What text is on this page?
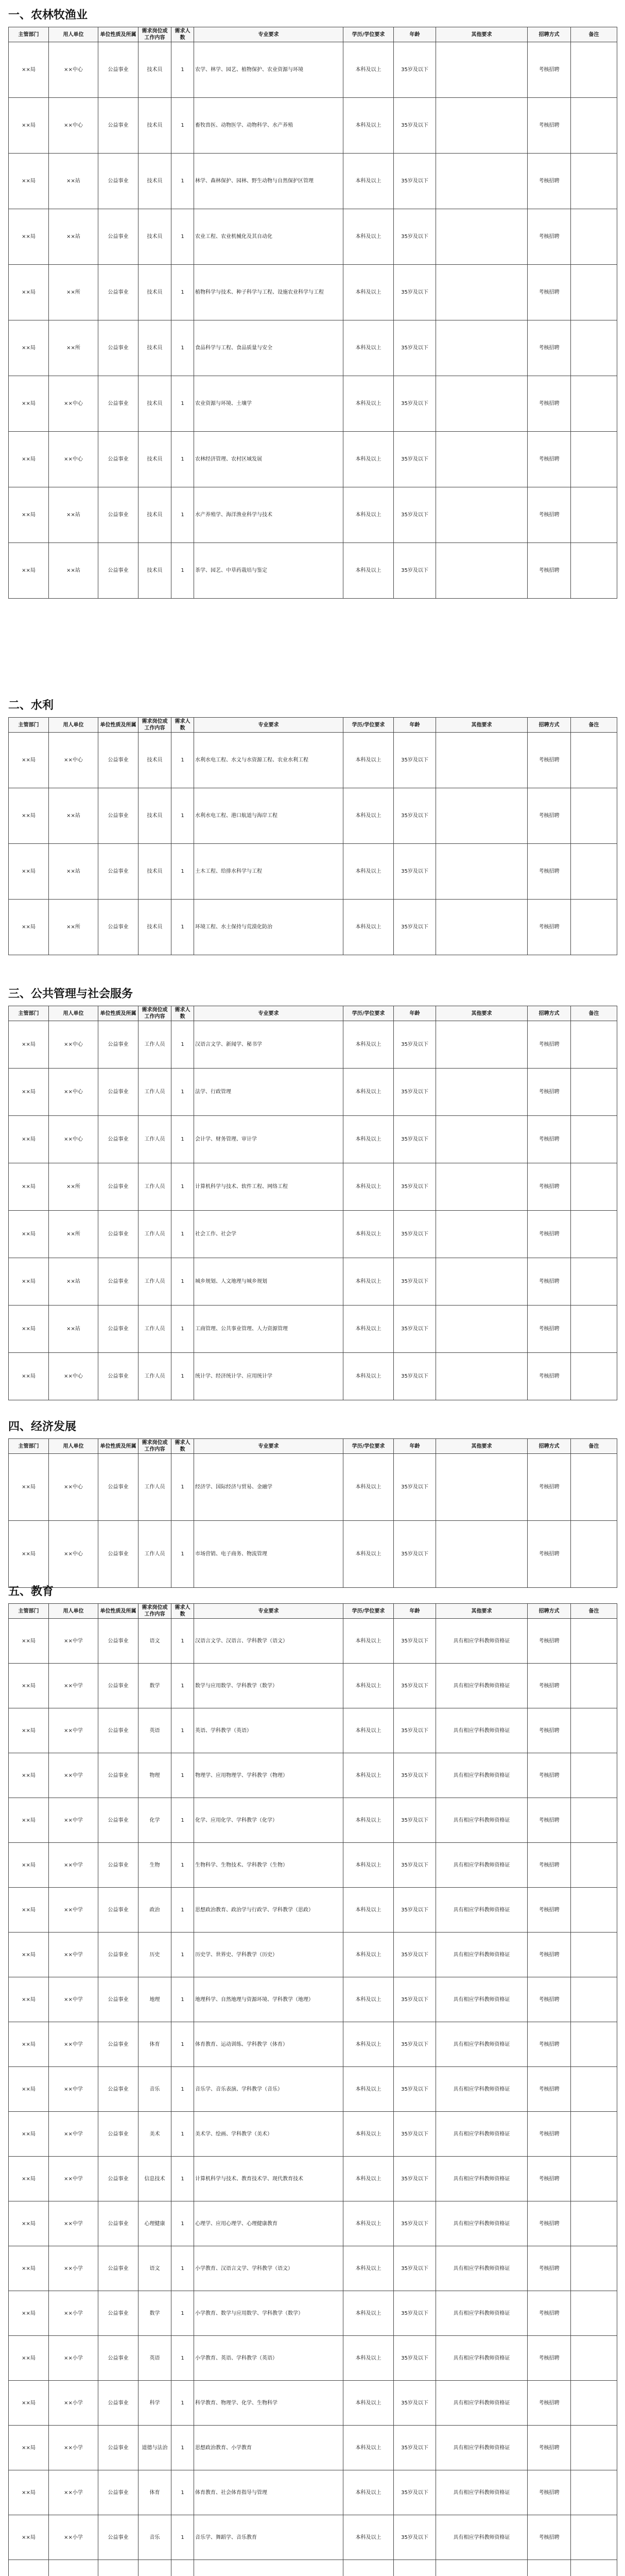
一、农林牧渔业
主管部门	用人单位	单位性质及所属	需求岗位或工作内容	需求人数	专业要求	学历/学位要求	年龄	其他要求	招聘方式	备注
××局	××中心	公益事业	技术员	1	农学、林学、园艺、植物保护、农业资源与环境	本科及以上	35岁及以下		考核招聘	
××局	××中心	公益事业	技术员	1	畜牧兽医、动物医学、动物科学、水产养殖	本科及以上	35岁及以下		考核招聘	
××局	××站	公益事业	技术员	1	林学、森林保护、园林、野生动物与自然保护区管理	本科及以上	35岁及以下		考核招聘	
××局	××站	公益事业	技术员	1	农业工程、农业机械化及其自动化	本科及以上	35岁及以下		考核招聘	
××局	××所	公益事业	技术员	1	植物科学与技术、种子科学与工程、设施农业科学与工程	本科及以上	35岁及以下		考核招聘	
××局	××所	公益事业	技术员	1	食品科学与工程、食品质量与安全	本科及以上	35岁及以下		考核招聘	
××局	××中心	公益事业	技术员	1	农业资源与环境、土壤学	本科及以上	35岁及以下		考核招聘	
××局	××中心	公益事业	技术员	1	农林经济管理、农村区域发展	本科及以上	35岁及以下		考核招聘	
××局	××站	公益事业	技术员	1	水产养殖学、海洋渔业科学与技术	本科及以上	35岁及以下		考核招聘	
××局	××站	公益事业	技术员	1	茶学、园艺、中草药栽培与鉴定	本科及以上	35岁及以下		考核招聘	
二、水利
主管部门	用人单位	单位性质及所属	需求岗位或工作内容	需求人数	专业要求	学历/学位要求	年龄	其他要求	招聘方式	备注
××局	××中心	公益事业	技术员	1	水利水电工程、水文与水资源工程、农业水利工程	本科及以上	35岁及以下		考核招聘	
××局	××站	公益事业	技术员	1	水利水电工程、港口航道与海岸工程	本科及以上	35岁及以下		考核招聘	
××局	××站	公益事业	技术员	1	土木工程、给排水科学与工程	本科及以上	35岁及以下		考核招聘	
××局	××所	公益事业	技术员	1	环境工程、水土保持与荒漠化防治	本科及以上	35岁及以下		考核招聘	
三、公共管理与社会服务
主管部门	用人单位	单位性质及所属	需求岗位或工作内容	需求人数	专业要求	学历/学位要求	年龄	其他要求	招聘方式	备注
××局	××中心	公益事业	工作人员	1	汉语言文学、新闻学、秘书学	本科及以上	35岁及以下		考核招聘	
××局	××中心	公益事业	工作人员	1	法学、行政管理	本科及以上	35岁及以下		考核招聘	
××局	××中心	公益事业	工作人员	1	会计学、财务管理、审计学	本科及以上	35岁及以下		考核招聘	
××局	××所	公益事业	工作人员	1	计算机科学与技术、软件工程、网络工程	本科及以上	35岁及以下		考核招聘	
××局	××所	公益事业	工作人员	1	社会工作、社会学	本科及以上	35岁及以下		考核招聘	
××局	××站	公益事业	工作人员	1	城乡规划、人文地理与城乡规划	本科及以上	35岁及以下		考核招聘	
××局	××站	公益事业	工作人员	1	工商管理、公共事业管理、人力资源管理	本科及以上	35岁及以下		考核招聘	
××局	××中心	公益事业	工作人员	1	统计学、经济统计学、应用统计学	本科及以上	35岁及以下		考核招聘	
四、经济发展
主管部门	用人单位	单位性质及所属	需求岗位或工作内容	需求人数	专业要求	学历/学位要求	年龄	其他要求	招聘方式	备注
××局	××中心	公益事业	工作人员	1	经济学、国际经济与贸易、金融学	本科及以上	35岁及以下		考核招聘	
××局	××中心	公益事业	工作人员	1	市场营销、电子商务、物流管理	本科及以上	35岁及以下		考核招聘	
五、教育
主管部门	用人单位	单位性质及所属	需求岗位或工作内容	需求人数	专业要求	学历/学位要求	年龄	其他要求	招聘方式	备注
××局	××中学	公益事业	语文	1	汉语言文学、汉语言、学科教学（语文）	本科及以上	35岁及以下	具有相应学科教师资格证	考核招聘	
××局	××中学	公益事业	数学	1	数学与应用数学、学科教学（数学）	本科及以上	35岁及以下	具有相应学科教师资格证	考核招聘	
××局	××中学	公益事业	英语	1	英语、学科教学（英语）	本科及以上	35岁及以下	具有相应学科教师资格证	考核招聘	
××局	××中学	公益事业	物理	1	物理学、应用物理学、学科教学（物理）	本科及以上	35岁及以下	具有相应学科教师资格证	考核招聘	
××局	××中学	公益事业	化学	1	化学、应用化学、学科教学（化学）	本科及以上	35岁及以下	具有相应学科教师资格证	考核招聘	
××局	××中学	公益事业	生物	1	生物科学、生物技术、学科教学（生物）	本科及以上	35岁及以下	具有相应学科教师资格证	考核招聘	
××局	××中学	公益事业	政治	1	思想政治教育、政治学与行政学、学科教学（思政）	本科及以上	35岁及以下	具有相应学科教师资格证	考核招聘	
××局	××中学	公益事业	历史	1	历史学、世界史、学科教学（历史）	本科及以上	35岁及以下	具有相应学科教师资格证	考核招聘	
××局	××中学	公益事业	地理	1	地理科学、自然地理与资源环境、学科教学（地理）	本科及以上	35岁及以下	具有相应学科教师资格证	考核招聘	
××局	××中学	公益事业	体育	1	体育教育、运动训练、学科教学（体育）	本科及以上	35岁及以下	具有相应学科教师资格证	考核招聘	
××局	××中学	公益事业	音乐	1	音乐学、音乐表演、学科教学（音乐）	本科及以上	35岁及以下	具有相应学科教师资格证	考核招聘	
××局	××中学	公益事业	美术	1	美术学、绘画、学科教学（美术）	本科及以上	35岁及以下	具有相应学科教师资格证	考核招聘	
××局	××中学	公益事业	信息技术	1	计算机科学与技术、教育技术学、现代教育技术	本科及以上	35岁及以下	具有相应学科教师资格证	考核招聘	
××局	××中学	公益事业	心理健康	1	心理学、应用心理学、心理健康教育	本科及以上	35岁及以下	具有相应学科教师资格证	考核招聘	
××局	××小学	公益事业	语文	1	小学教育、汉语言文学、学科教学（语文）	本科及以上	35岁及以下	具有相应学科教师资格证	考核招聘	
××局	××小学	公益事业	数学	1	小学教育、数学与应用数学、学科教学（数学）	本科及以上	35岁及以下	具有相应学科教师资格证	考核招聘	
××局	××小学	公益事业	英语	1	小学教育、英语、学科教学（英语）	本科及以上	35岁及以下	具有相应学科教师资格证	考核招聘	
××局	××小学	公益事业	科学	1	科学教育、物理学、化学、生物科学	本科及以上	35岁及以下	具有相应学科教师资格证	考核招聘	
××局	××小学	公益事业	道德与法治	1	思想政治教育、小学教育	本科及以上	35岁及以下	具有相应学科教师资格证	考核招聘	
××局	××小学	公益事业	体育	1	体育教育、社会体育指导与管理	本科及以上	35岁及以下	具有相应学科教师资格证	考核招聘	
××局	××小学	公益事业	音乐	1	音乐学、舞蹈学、音乐教育	本科及以上	35岁及以下	具有相应学科教师资格证	考核招聘	
